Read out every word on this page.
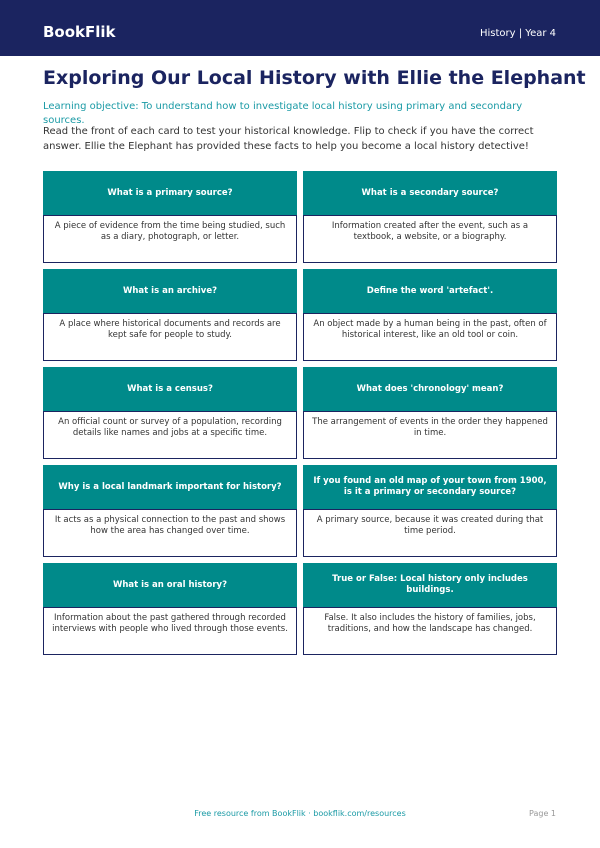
BookFlik	History | Year 4
Exploring Our Local History with Ellie the Elephant
Learning objective: To understand how to investigate local history using primary and secondary sources.
Read the front of each card to test your historical knowledge. Flip to check if you have the correct answer. Ellie the Elephant has provided these facts to help you become a local history detective!
What is a primary source?
A piece of evidence from the time being studied, such as a diary, photograph, or letter.
What is a secondary source?
Information created after the event, such as a textbook, a website, or a biography.
What is an archive?
A place where historical documents and records are kept safe for people to study.
Define the word 'artefact'.
An object made by a human being in the past, often of historical interest, like an old tool or coin.
What is a census?
An official count or survey of a population, recording details like names and jobs at a specific time.
What does 'chronology' mean?
The arrangement of events in the order they happened in time.
Why is a local landmark important for history?
It acts as a physical connection to the past and shows how the area has changed over time.
If you found an old map of your town from 1900, is it a primary or secondary source?
A primary source, because it was created during that time period.
What is an oral history?
Information about the past gathered through recorded interviews with people who lived through those events.
True or False: Local history only includes buildings.
False. It also includes the history of families, jobs, traditions, and how the landscape has changed.
Free resource from BookFlik · bookflik.com/resources	Page 1
